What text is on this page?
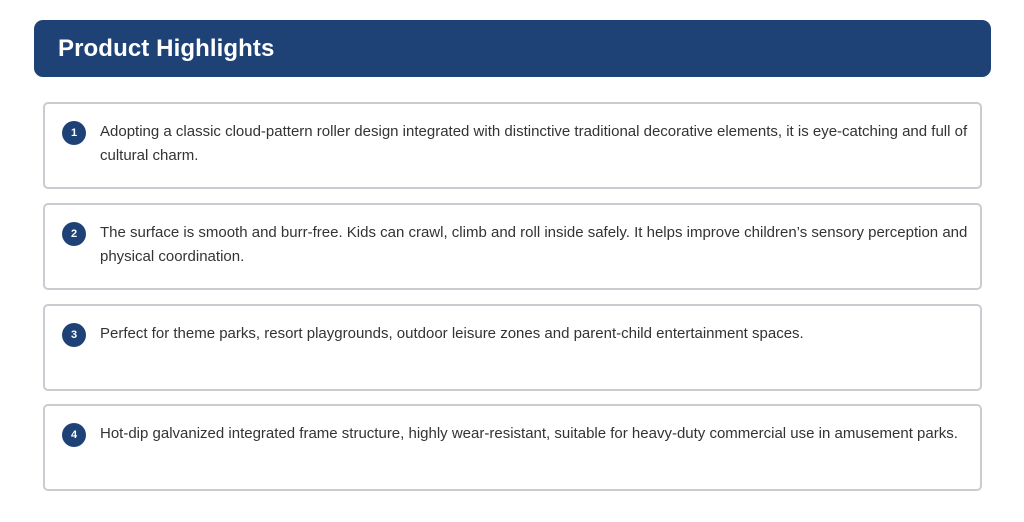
Product Highlights
1	Adopting a classic cloud-pattern roller design integrated with distinctive traditional decorative elements, it is eye-catching and full of cultural charm.
2	The surface is smooth and burr-free. Kids can crawl, climb and roll inside safely. It helps improve children’s sensory perception and physical coordination.
3	Perfect for theme parks, resort playgrounds, outdoor leisure zones and parent-child entertainment spaces.
4	Hot-dip galvanized integrated frame structure, highly wear-resistant, suitable for heavy-duty commercial use in amusement parks.
